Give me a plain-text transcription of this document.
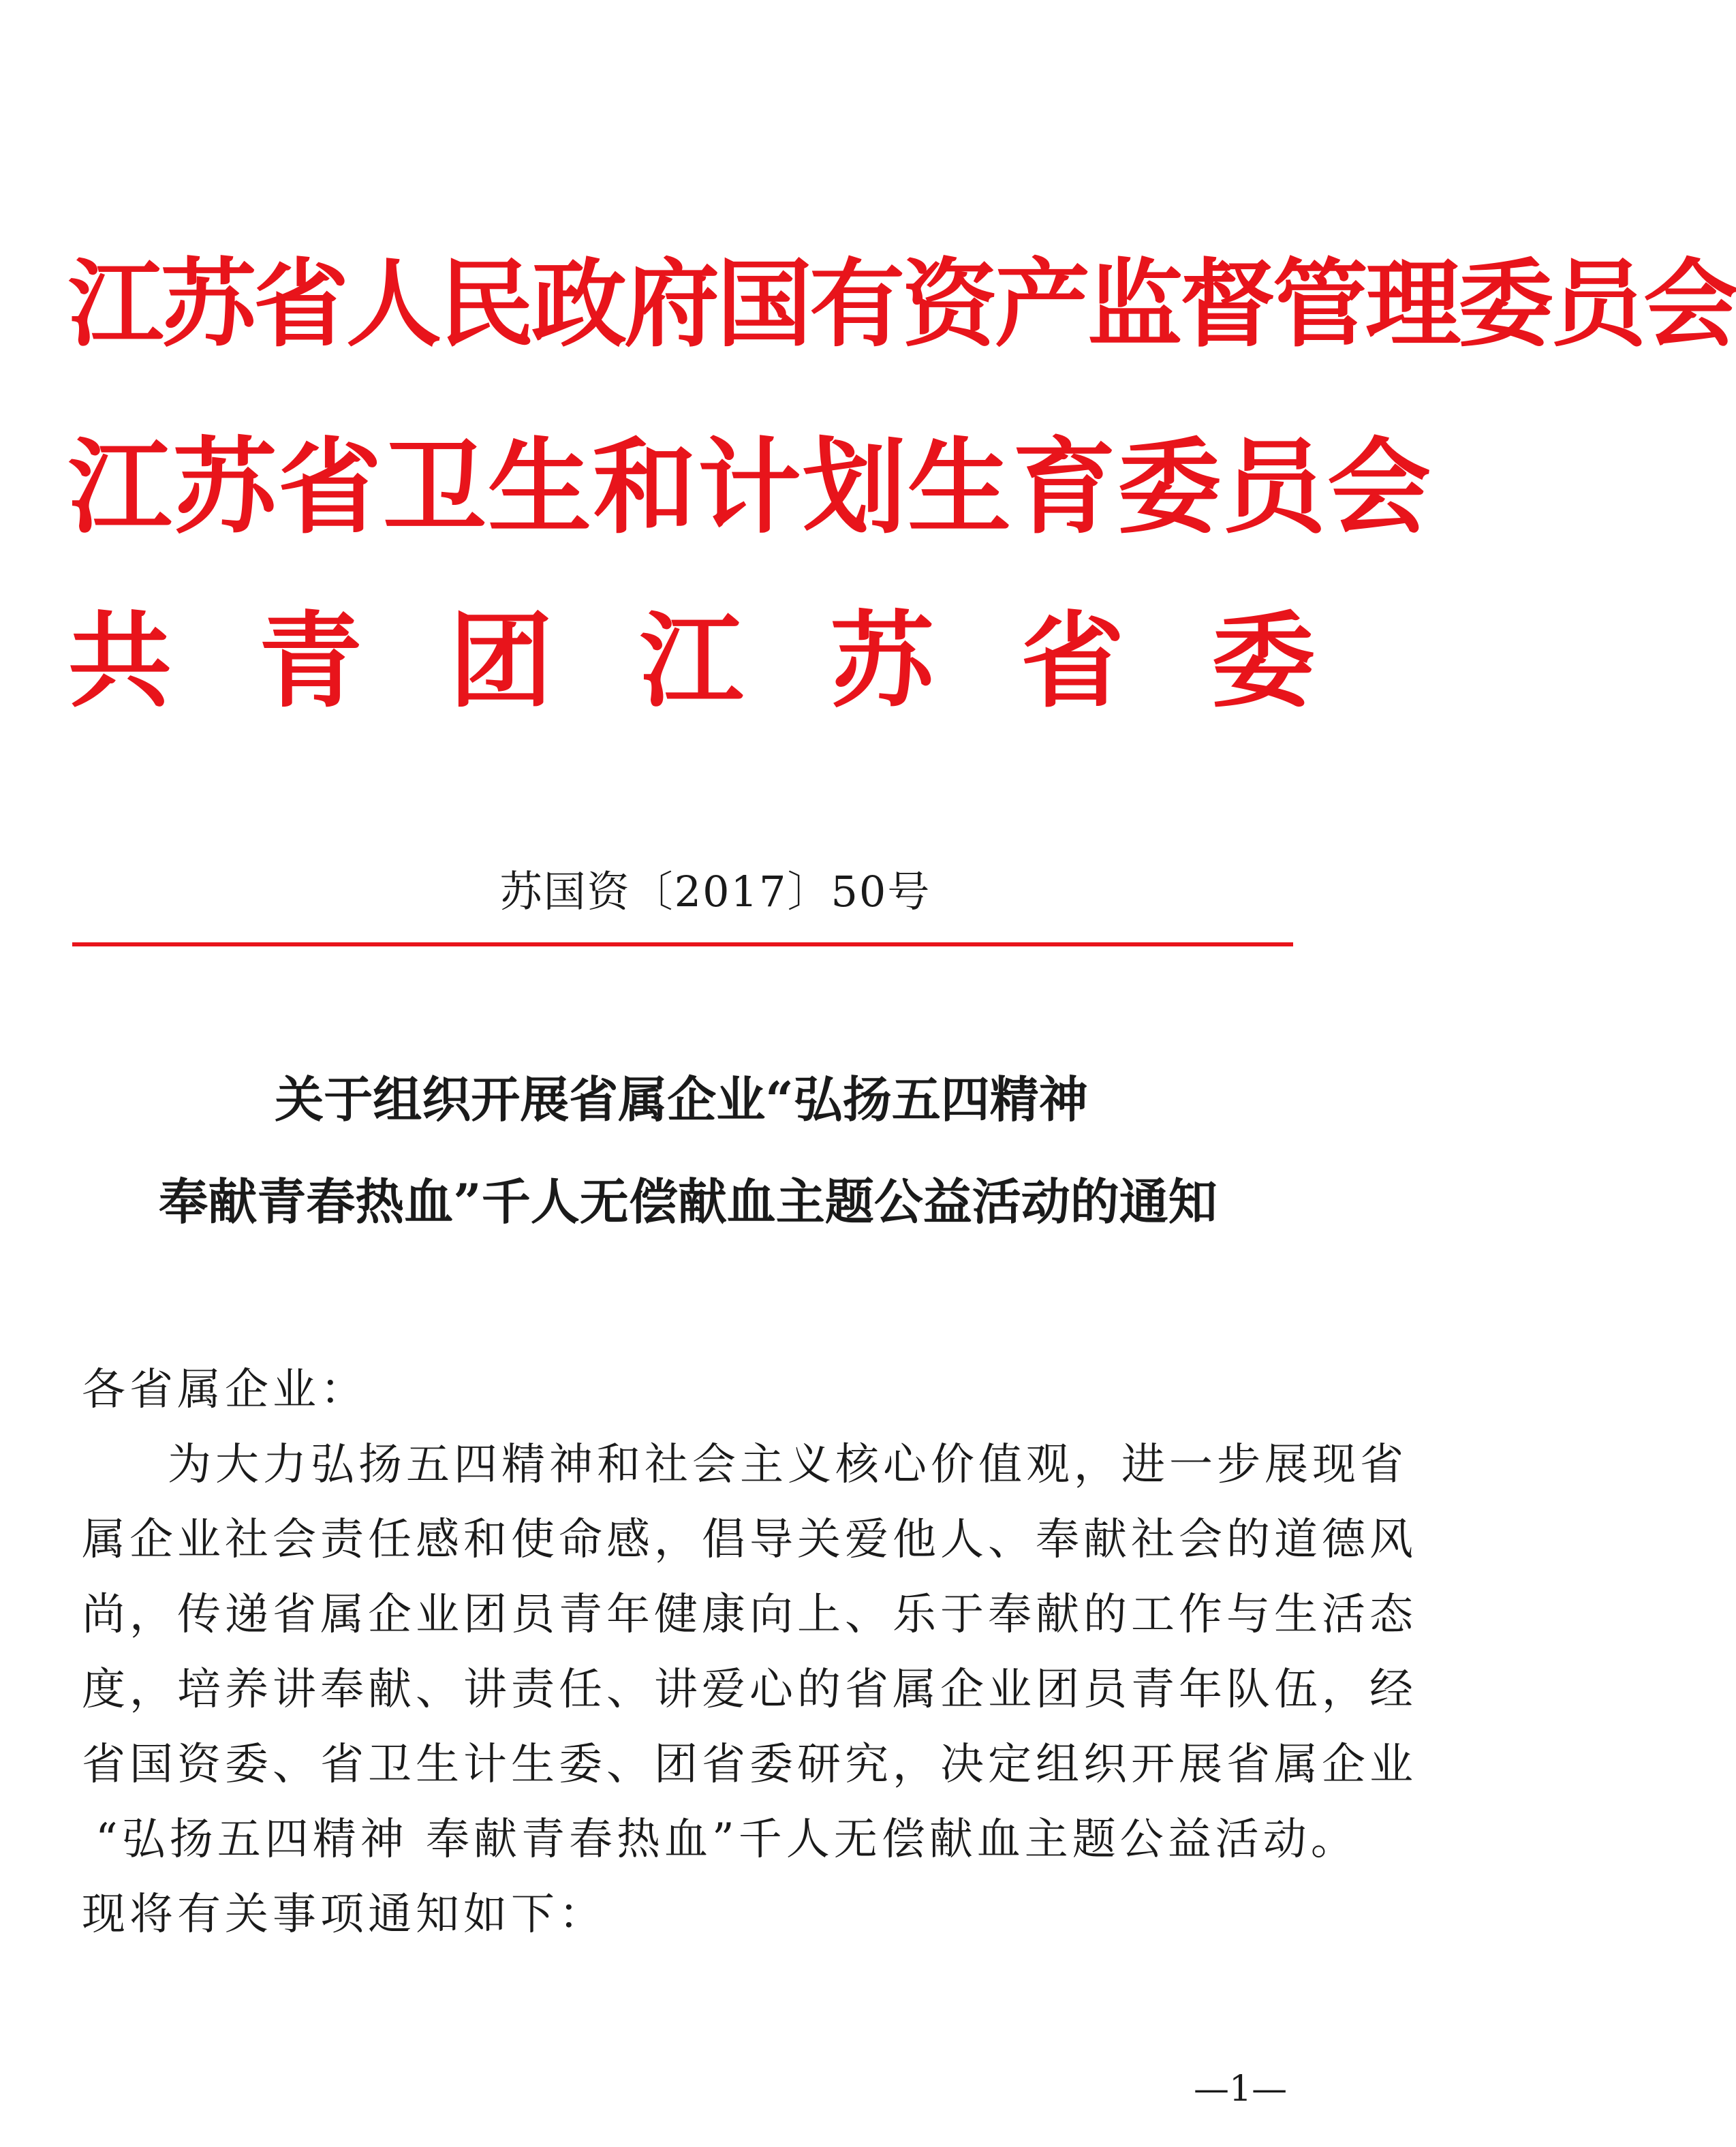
江苏省人民政府国有资产监督管理委员会
江苏省卫生和计划生育委员会
共 青 团 江 苏 省 委
苏国资〔2017〕50号
关于组织开展省属企业“弘扬五四精神
奉献青春热血”千人无偿献血主题公益活动的通知
各省属企业：
为大力弘扬五四精神和社会主义核心价值观，进一步展现省
属企业社会责任感和使命感，倡导关爱他人、奉献社会的道德风
尚，传递省属企业团员青年健康向上、乐于奉献的工作与生活态
度，培养讲奉献、讲责任、讲爱心的省属企业团员青年队伍，经
省国资委、省卫生计生委、团省委研究，决定组织开展省属企业
“弘扬五四精神 奉献青春热血”千人无偿献血主题公益活动。
现将有关事项通知如下：
—1—
